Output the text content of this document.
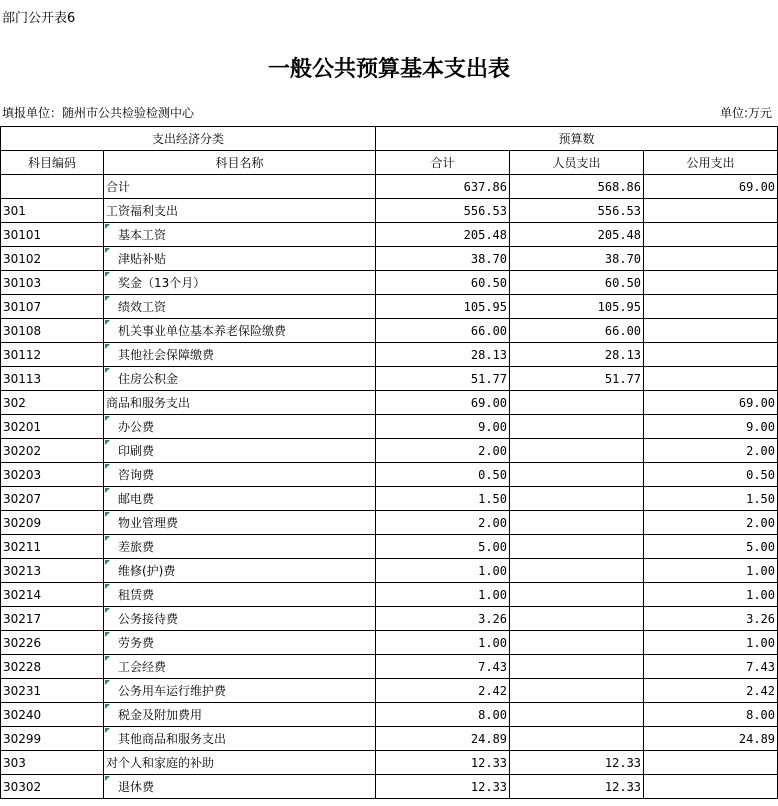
部门公开表6
一般公共预算基本支出表
填报单位：随州市公共检验检测中心	单位:万元
支出经济分类		预算数		
科目编码	科目名称	合计	人员支出	公用支出
	合计	637.86	568.86	69.00
301	工资福利支出	556.53	556.53	
30101	基本工资	205.48	205.48	
30102	津贴补贴	38.70	38.70	
30103	奖金（13个月）	60.50	60.50	
30107	绩效工资	105.95	105.95	
30108	机关事业单位基本养老保险缴费	66.00	66.00	
30112	其他社会保障缴费	28.13	28.13	
30113	住房公积金	51.77	51.77	
302	商品和服务支出	69.00		69.00
30201	办公费	9.00		9.00
30202	印刷费	2.00		2.00
30203	咨询费	0.50		0.50
30207	邮电费	1.50		1.50
30209	物业管理费	2.00		2.00
30211	差旅费	5.00		5.00
30213	维修(护)费	1.00		1.00
30214	租赁费	1.00		1.00
30217	公务接待费	3.26		3.26
30226	劳务费	1.00		1.00
30228	工会经费	7.43		7.43
30231	公务用车运行维护费	2.42		2.42
30240	税金及附加费用	8.00		8.00
30299	其他商品和服务支出	24.89		24.89
303	对个人和家庭的补助	12.33	12.33	
30302	退休费	12.33	12.33	
